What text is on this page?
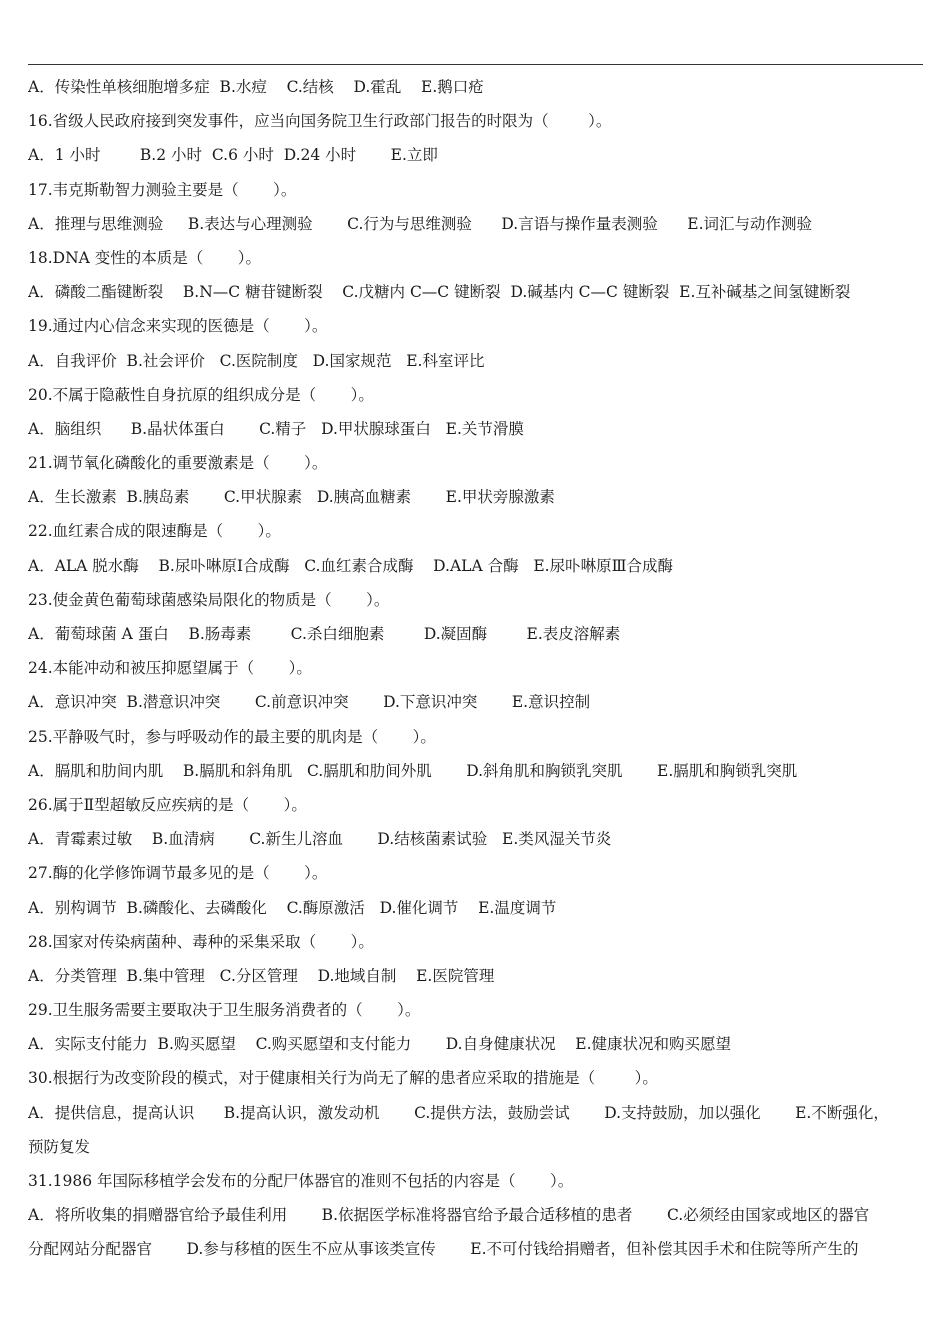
A．传染性单核细胞增多症  B.水痘    C.结核    D.霍乱    E.鹅口疮
16.省级人民政府接到突发事件，应当向国务院卫生行政部门报告的时限为（        ）。
A．1 小时        B.2 小时  C.6 小时  D.24 小时       E.立即
17.韦克斯勒智力测验主要是（       ）。
A．推理与思维测验     B.表达与心理测验       C.行为与思维测验      D.言语与操作量表测验      E.词汇与动作测验
18.DNA 变性的本质是（       ）。
A．磷酸二酯键断裂    B.N—C 糖苷键断裂    C.戊糖内 C—C 键断裂  D.碱基内 C—C 键断裂  E.互补碱基之间氢键断裂
19.通过内心信念来实现的医德是（       ）。
A．自我评价  B.社会评价   C.医院制度   D.国家规范   E.科室评比
20.不属于隐蔽性自身抗原的组织成分是（       ）。
A．脑组织      B.晶状体蛋白       C.精子   D.甲状腺球蛋白   E.关节滑膜
21.调节氧化磷酸化的重要激素是（       ）。
A．生长激素  B.胰岛素       C.甲状腺素   D.胰高血糖素       E.甲状旁腺激素
22.血红素合成的限速酶是（       ）。
A．ALA 脱水酶    B.尿卟啉原Ⅰ合成酶   C.血红素合成酶    D.ALA 合酶   E.尿卟啉原Ⅲ合成酶
23.使金黄色葡萄球菌感染局限化的物质是（       ）。
A．葡萄球菌 A 蛋白    B.肠毒素        C.杀白细胞素        D.凝固酶        E.表皮溶解素
24.本能冲动和被压抑愿望属于（       ）。
A．意识冲突  B.潜意识冲突       C.前意识冲突       D.下意识冲突       E.意识控制
25.平静吸气时，参与呼吸动作的最主要的肌肉是（       ）。
A．膈肌和肋间内肌    B.膈肌和斜角肌   C.膈肌和肋间外肌       D.斜角肌和胸锁乳突肌       E.膈肌和胸锁乳突肌
26.属于Ⅱ型超敏反应疾病的是（       ）。
A．青霉素过敏    B.血清病       C.新生儿溶血       D.结核菌素试验   E.类风湿关节炎
27.酶的化学修饰调节最多见的是（       ）。
A．别构调节  B.磷酸化、去磷酸化    C.酶原激活   D.催化调节    E.温度调节
28.国家对传染病菌种、毒种的采集采取（       ）。
A．分类管理  B.集中管理   C.分区管理    D.地域自制    E.医院管理
29.卫生服务需要主要取决于卫生服务消费者的（       ）。
A．实际支付能力  B.购买愿望    C.购买愿望和支付能力       D.自身健康状况    E.健康状况和购买愿望
30.根据行为改变阶段的模式，对于健康相关行为尚无了解的患者应采取的措施是（        ）。
A．提供信息，提高认识      B.提高认识，激发动机       C.提供方法，鼓励尝试       D.支持鼓励，加以强化       E.不断强化，
预防复发
31.1986 年国际移植学会发布的分配尸体器官的准则不包括的内容是（       ）。
A．将所收集的捐赠器官给予最佳利用       B.依据医学标准将器官给予最合适移植的患者       C.必须经由国家或地区的器官
分配网站分配器官       D.参与移植的医生不应从事该类宣传       E.不可付钱给捐赠者，但补偿其因手术和住院等所产生的
